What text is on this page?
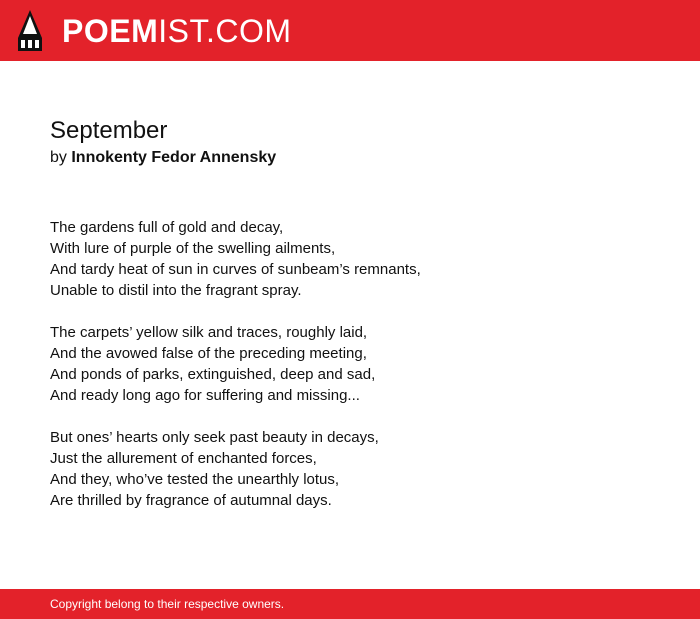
POEMIST.COM
September

by Innokenty Fedor Annensky

The gardens full of gold and decay,
With lure of purple of the swelling ailments,
And tardy heat of sun in curves of sunbeam’s remnants,
Unable to distil into the fragrant spray.
The carpets’ yellow silk and traces, roughly laid,
And the avowed false of the preceding meeting,
And ponds of parks, extinguished, deep and sad,
And ready long ago for suffering and missing...
But ones’ hearts only seek past beauty in decays,
Just the allurement of enchanted forces,
And they, who’ve tested the unearthly lotus,
Are thrilled by fragrance of autumnal days.
Copyright belong to their respective owners.
